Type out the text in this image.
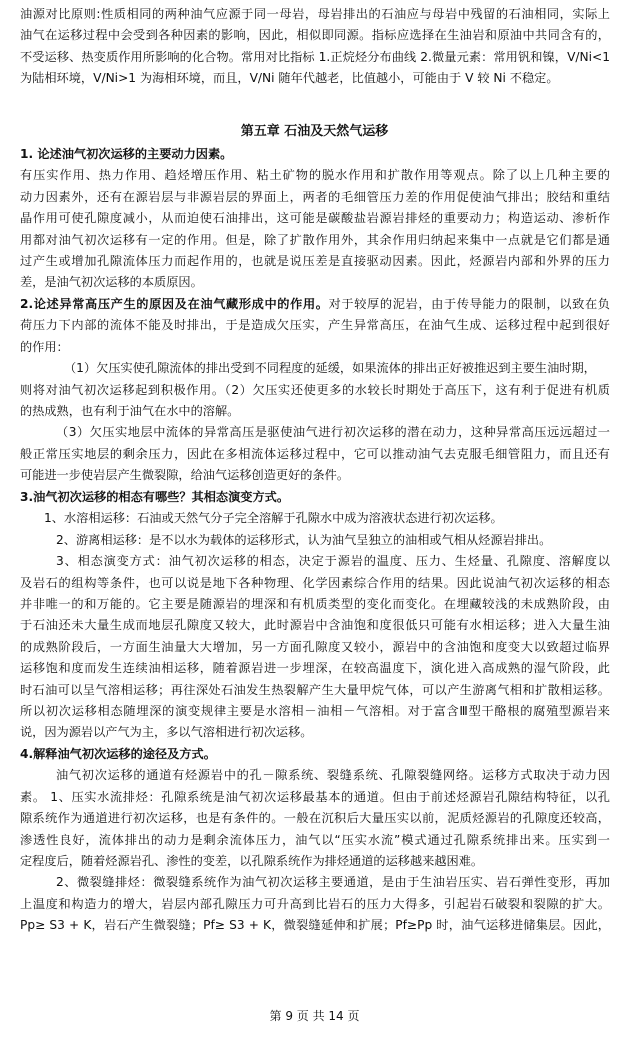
油源对比原则:性质相同的两种油气应源于同一母岩，母岩排出的石油应与母岩中残留的石油相同，实际上
油气在运移过程中会受到各种因素的影响，因此，相似即同源。指标应选择在生油岩和原油中共同含有的，
不受运移、热变质作用所影响的化合物。常用对比指标 1.正烷烃分布曲线 2.微量元素：常用钒和镍，V/Ni<1
为陆相环境，V/Ni>1 为海相环境，而且，V/Ni 随年代越老，比值越小，可能由于 V 较 Ni 不稳定。
第五章 石油及天然气运移
1. 论述油气初次运移的主要动力因素。
有压实作用、热力作用、趋烃增压作用、粘土矿物的脱水作用和扩散作用等观点。除了以上几种主要的
动力因素外，还有在源岩层与非源岩层的界面上，两者的毛细管压力差的作用促使油气排出；胶结和重结
晶作用可使孔隙度减小，从而迫使石油排出，这可能是碳酸盐岩源岩排烃的重要动力；构造运动、渗析作
用都对油气初次运移有一定的作用。但是，除了扩散作用外，其余作用归纳起来集中一点就是它们都是通
过产生或增加孔隙流体压力而起作用的，也就是说压差是直接驱动因素。因此，烃源岩内部和外界的压力
差，是油气初次运移的本质原因。
2.论述异常高压产生的原因及在油气藏形成中的作用。对于较厚的泥岩，由于传导能力的限制，以致在负
荷压力下内部的流体不能及时排出，于是造成欠压实，产生异常高压，在油气生成、运移过程中起到很好
的作用：
（1）欠压实使孔隙流体的排出受到不同程度的延缓，如果流体的排出正好被推迟到主要生油时期，
则将对油气初次运移起到积极作用。（2）欠压实还使更多的水较长时期处于高压下，这有利于促进有机质
的热成熟，也有利于油气在水中的溶解。
（3）欠压实地层中流体的异常高压是驱使油气进行初次运移的潜在动力，这种异常高压远远超过一
般正常压实地层的剩余压力，因此在多相流体运移过程中，它可以推动油气去克服毛细管阻力，而且还有
可能进一步使岩层产生微裂隙，给油气运移创造更好的条件。
3.油气初次运移的相态有哪些？其相态演变方式。
1、水溶相运移：石油或天然气分子完全溶解于孔隙水中成为溶液状态进行初次运移。
2、游离相运移：是不以水为载体的运移形式，认为油气呈独立的油相或气相从烃源岩排出。
3、相态演变方式：油气初次运移的相态，决定于源岩的温度、压力、生烃量、孔隙度、溶解度以
及岩石的组构等条件，也可以说是地下各种物理、化学因素综合作用的结果。因此说油气初次运移的相态
并非唯一的和万能的。它主要是随源岩的埋深和有机质类型的变化而变化。在埋藏较浅的未成熟阶段，由
于石油还未大量生成而地层孔隙度又较大，此时源岩中含油饱和度很低只可能有水相运移；进入大量生油
的成熟阶段后，一方面生油量大大增加，另一方面孔隙度又较小，源岩中的含油饱和度变大以致超过临界
运移饱和度而发生连续油相运移，随着源岩进一步埋深，在较高温度下，演化进入高成熟的湿气阶段，此
时石油可以呈气溶相运移；再往深处石油发生热裂解产生大量甲烷气体，可以产生游离气相和扩散相运移。
所以初次运移相态随埋深的演变规律主要是水溶相－油相－气溶相。对于富含Ⅲ型干酪根的腐殖型源岩来
说，因为源岩以产气为主，多以气溶相进行初次运移。
4.解释油气初次运移的途径及方式。
油气初次运移的通道有烃源岩中的孔－隙系统、裂缝系统、孔隙裂缝网络。运移方式取决于动力因
素。 1、压实水流排烃：孔隙系统是油气初次运移最基本的通道。但由于前述烃源岩孔隙结构特征，以孔
隙系统作为通道进行初次运移，也是有条件的。一般在沉积后大量压实以前，泥质烃源岩的孔隙度还较高，
渗透性良好，流体排出的动力是剩余流体压力，油气以“压实水流”模式通过孔隙系统排出来。压实到一
定程度后，随着烃源岩孔、渗性的变差，以孔隙系统作为排烃通道的运移越来越困难。
2、微裂缝排烃：微裂缝系统作为油气初次运移主要通道，是由于生油岩压实、岩石弹性变形，再加
上温度和构造力的增大，岩层内部孔隙压力可升高到比岩石的压力大得多，引起岩石破裂和裂隙的扩大。
Pp≥ S3 + K，岩石产生微裂缝；Pf≥ S3 + K，微裂缝延伸和扩展；Pf≥Pp 时，油气运移进储集层。因此，
第 9 页 共 14 页
